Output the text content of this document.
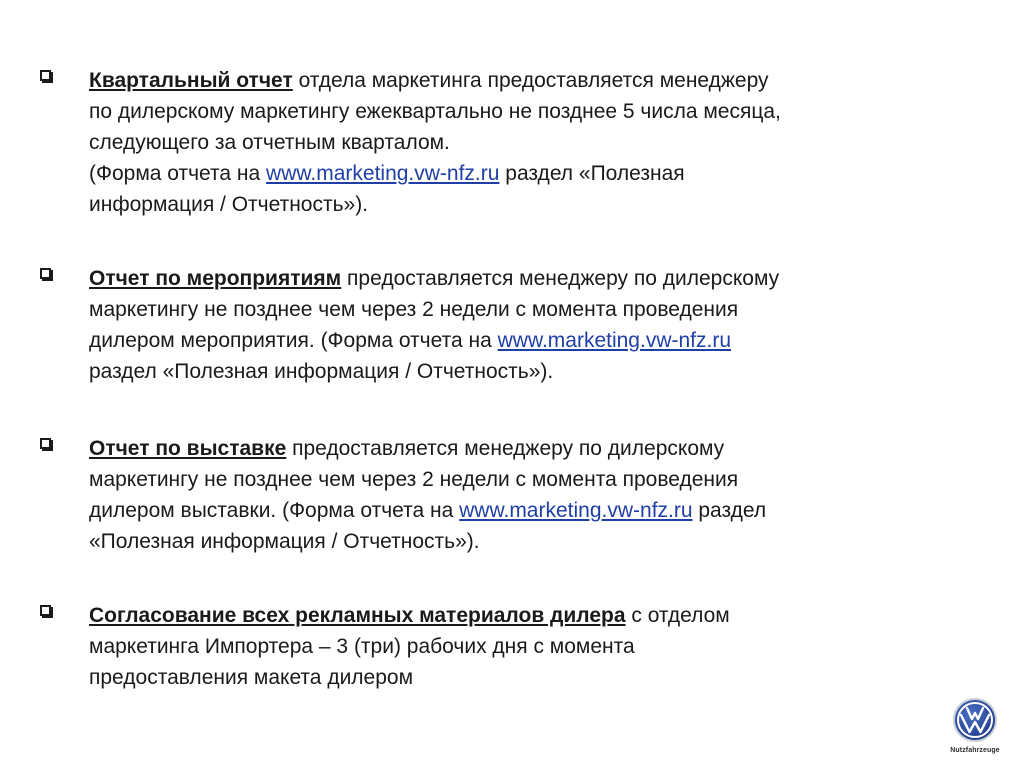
Квартальный отчет отдела маркетинга предоставляется менеджеру
по дилерскому маркетингу ежеквартально не позднее 5 числа месяца,
следующего за отчетным кварталом.
(Форма отчета на www.marketing.vw-nfz.ru раздел «Полезная
информация / Отчетность»).
Отчет по мероприятиям предоставляется менеджеру по дилерскому
маркетингу не позднее чем через 2 недели с момента проведения
дилером мероприятия. (Форма отчета на www.marketing.vw-nfz.ru
раздел «Полезная информация / Отчетность»).
Отчет по выставке предоставляется менеджеру по дилерскому
маркетингу не позднее чем через 2 недели с момента проведения
дилером выставки. (Форма отчета на www.marketing.vw-nfz.ru раздел
«Полезная информация / Отчетность»).
Согласование всех рекламных материалов дилера с отделом
маркетинга Импортера – 3 (три) рабочих дня с момента
предоставления макета дилером
Nutzfahrzeuge
